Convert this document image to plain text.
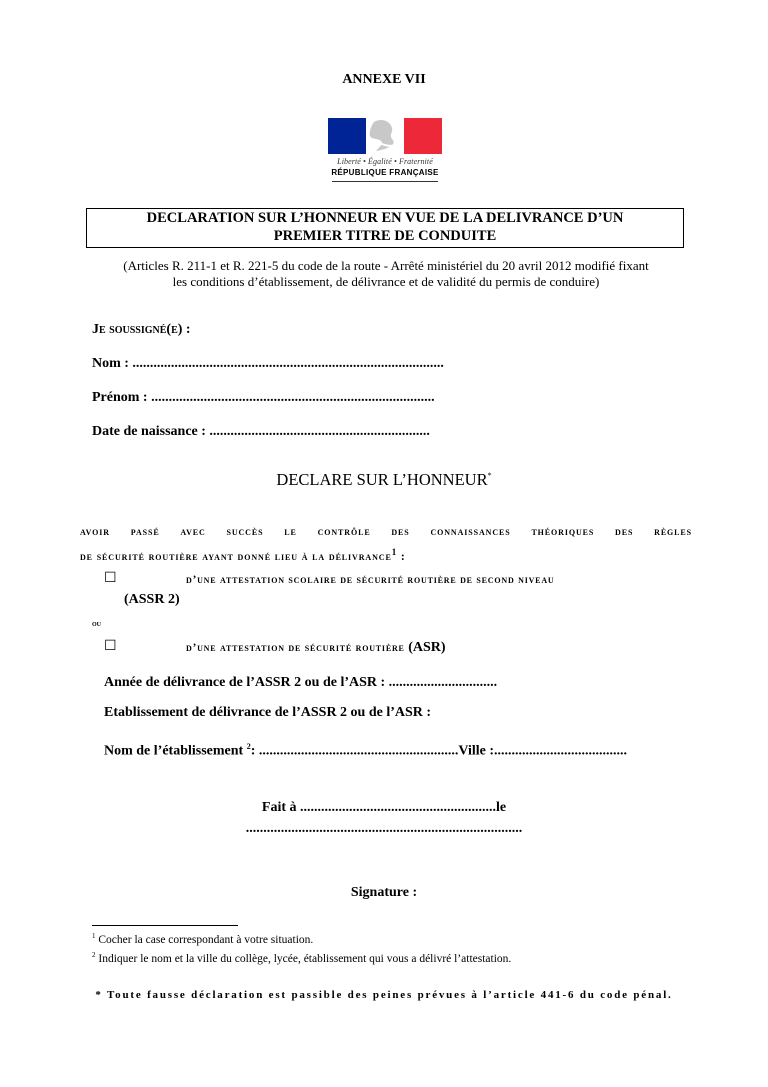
ANNEXE VII
Liberté • Égalité • Fraternité
RÉPUBLIQUE FRANÇAISE
DECLARATION SUR L’HONNEUR EN VUE DE LA DELIVRANCE D’UN
PREMIER TITRE DE CONDUITE
(Articles R. 211-1 et R. 221-5 du code de la route - Arrêté ministériel du 20 avril 2012 modifié fixant
les conditions d’établissement, de délivrance et de validité du permis de conduire)
Je soussigné(e) :
Nom : .........................................................................................
Prénom : .................................................................................
Date de naissance : ...............................................................
DECLARE SUR L’HONNEUR*
avoir passé avec succès le contrôle des connaissances théoriques des règles
de sécurité routière ayant donné lieu à la délivrance$^1$ :
☐	d’une attestation scolaire de sécurité routière de second niveau
(ASSR 2)
ou
☐	d’une attestation de sécurité routière (ASR)
Année de délivrance de l’ASSR 2 ou de l’ASR : ...............................
Etablissement de délivrance de l’ASSR 2 ou de l’ASR :
Nom de l’établissement $^2$: .........................................................Ville :......................................
Fait à ........................................................le
...............................................................................
Signature :
$^1$ Cocher la case correspondant à votre situation.
$^2$ Indiquer le nom et la ville du collège, lycée, établissement qui vous a délivré l’attestation.
* Toute fausse déclaration est passible des peines prévues à l’article 441-6 du code pénal.
